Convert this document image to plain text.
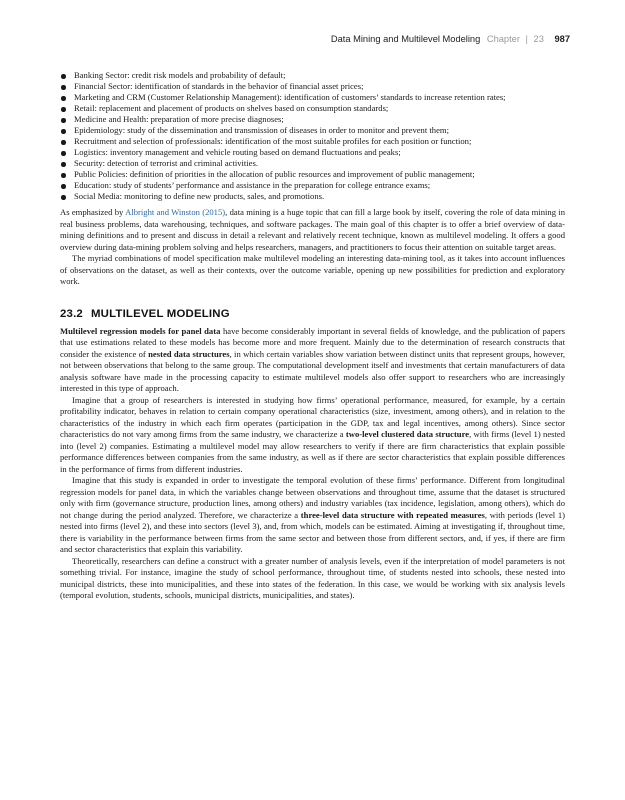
Data Mining and Multilevel Modeling Chapter | 23 987
Banking Sector: credit risk models and probability of default;
Financial Sector: identification of standards in the behavior of financial asset prices;
Marketing and CRM (Customer Relationship Management): identification of customers’ standards to increase retention rates;
Retail: replacement and placement of products on shelves based on consumption standards;
Medicine and Health: preparation of more precise diagnoses;
Epidemiology: study of the dissemination and transmission of diseases in order to monitor and prevent them;
Recruitment and selection of professionals: identification of the most suitable profiles for each position or function;
Logistics: inventory management and vehicle routing based on demand fluctuations and peaks;
Security: detection of terrorist and criminal activities.
Public Policies: definition of priorities in the allocation of public resources and improvement of public management;
Education: study of students’ performance and assistance in the preparation for college entrance exams;
Social Media: monitoring to define new products, sales, and promotions.

As emphasized by Albright and Winston (2015), data mining is a huge topic that can fill a large book by itself, covering the role of data mining in real business problems, data warehousing, techniques, and software packages. The main goal of this chapter is to offer a brief overview of data-mining definitions and to present and discuss in detail a relevant and relatively recent technique, known as multilevel modeling. It offers a good overview during data-mining problem solving and helps researchers, managers, and practitioners to focus their attention on suitable target areas.

The myriad combinations of model specification make multilevel modeling an interesting data-mining tool, as it takes into account influences of observations on the dataset, as well as their contexts, over the outcome variable, opening up new possibilities for prediction and exploratory work.

23.2 MULTILEVEL MODELING

Multilevel regression models for panel data have become considerably important in several fields of knowledge, and the publication of papers that use estimations related to these models has become more and more frequent. Mainly due to the determination of research constructs that consider the existence of nested data structures, in which certain variables show variation between distinct units that represent groups, however, not between observations that belong to the same group. The computational development itself and investments that certain manufacturers of data analysis software have made in the processing capacity to estimate multilevel models also offer support to researchers who are increasingly interested in this type of approach.

Imagine that a group of researchers is interested in studying how firms’ operational performance, measured, for example, by a certain profitability indicator, behaves in relation to certain company operational characteristics (size, investment, among others), and in relation to the characteristics of the industry in which each firm operates (participation in the GDP, tax and legal incentives, among others). Since sector characteristics do not vary among firms from the same industry, we characterize a two-level clustered data structure, with firms (level 1) nested into (level 2) companies. Estimating a multilevel model may allow researchers to verify if there are firm characteristics that explain possible performance differences between companies from the same industry, as well as if there are sector characteristics that explain possible differences in the performance of firms from different industries.

Imagine that this study is expanded in order to investigate the temporal evolution of these firms’ performance. Different from longitudinal regression models for panel data, in which the variables change between observations and throughout time, assume that the dataset is structured only with firm (governance structure, production lines, among others) and industry variables (tax incidence, legislation, among others), which do not change during the period analyzed. Therefore, we characterize a three-level data structure with repeated measures, with periods (level 1) nested into firms (level 2), and these into sectors (level 3), and, from which, models can be estimated. Aiming at investigating if, throughout time, there is variability in the performance between firms from the same sector and between those from different sectors, and, if yes, if there are firm and sector characteristics that explain this variability.

Theoretically, researchers can define a construct with a greater number of analysis levels, even if the interpretation of model parameters is not something trivial. For instance, imagine the study of school performance, throughout time, of students nested into schools, these nested into municipal districts, these into municipalities, and these into states of the federation. In this case, we would be working with six analysis levels (temporal evolution, students, schools, municipal districts, municipalities, and states).
